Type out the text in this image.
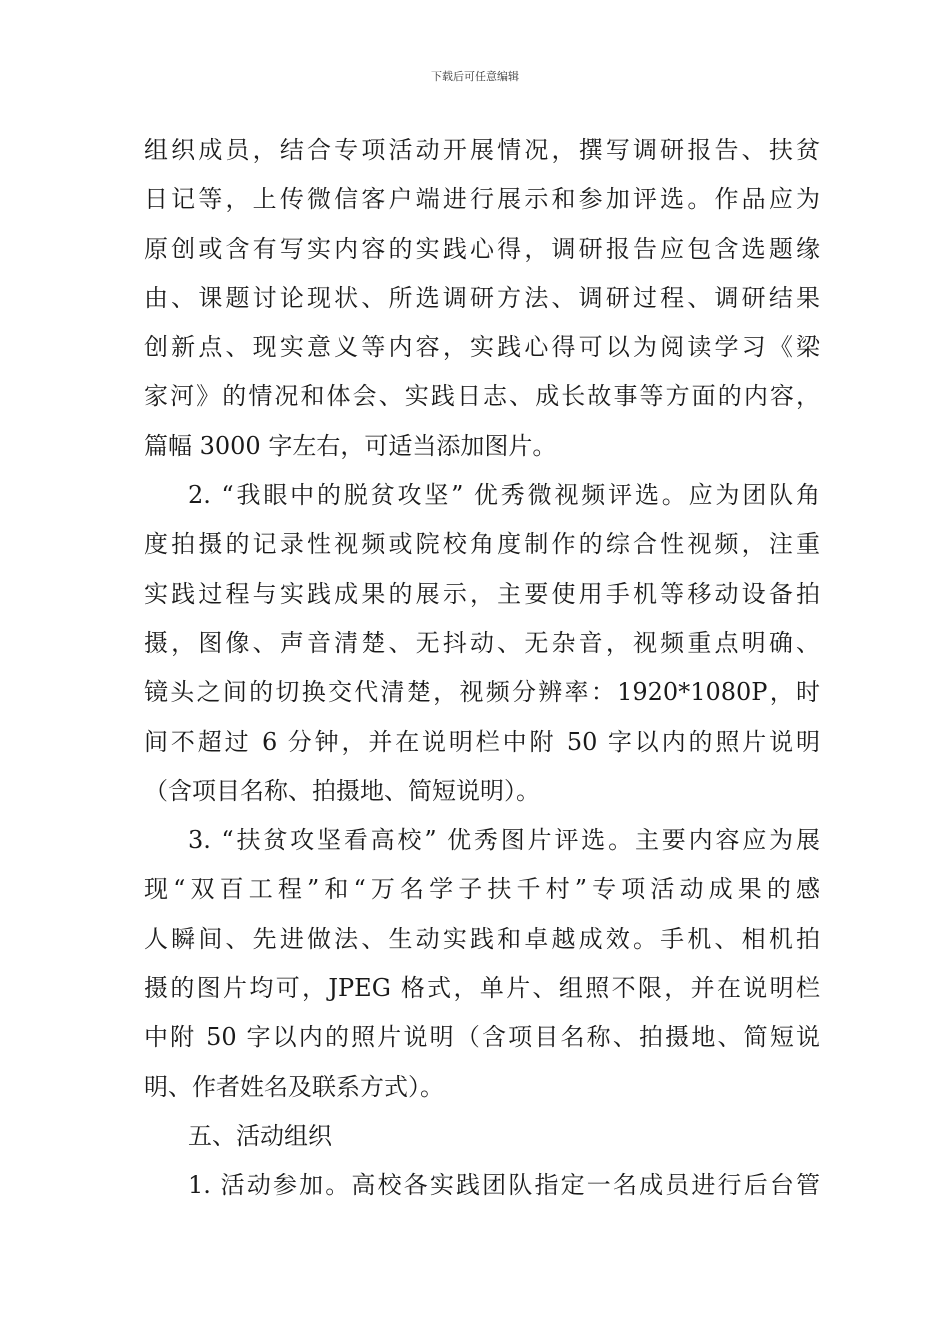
下载后可任意编辑
组织成员，结合专项活动开展情况，撰写调研报告、扶贫
日记等，上传微信客户端进行展示和参加评选。作品应为
原创或含有写实内容的实践心得，调研报告应包含选题缘
由、课题讨论现状、所选调研方法、调研过程、调研结果
创新点、现实意义等内容，实践心得可以为阅读学习《梁
家河》的情况和体会、实践日志、成长故事等方面的内容，
篇幅 3000 字左右，可适当添加图片。
2. “我眼中的脱贫攻坚” 优秀微视频评选。应为团队角
度拍摄的记录性视频或院校角度制作的综合性视频，注重
实践过程与实践成果的展示，主要使用手机等移动设备拍
摄，图像、声音清楚、无抖动、无杂音，视频重点明确、
镜头之间的切换交代清楚，视频分辨率：1920*1080P，时
间不超过 6 分钟，并在说明栏中附 50 字以内的照片说明
（含项目名称、拍摄地、简短说明）。
3. “扶贫攻坚看高校” 优秀图片评选。主要内容应为展
现“双百工程”和“万名学子扶千村”专项活动成果的感
人瞬间、先进做法、生动实践和卓越成效。手机、相机拍
摄的图片均可，JPEG 格式，单片、组照不限，并在说明栏
中附 50 字以内的照片说明（含项目名称、拍摄地、简短说
明、作者姓名及联系方式）。
五、活动组织
1. 活动参加。高校各实践团队指定一名成员进行后台管
